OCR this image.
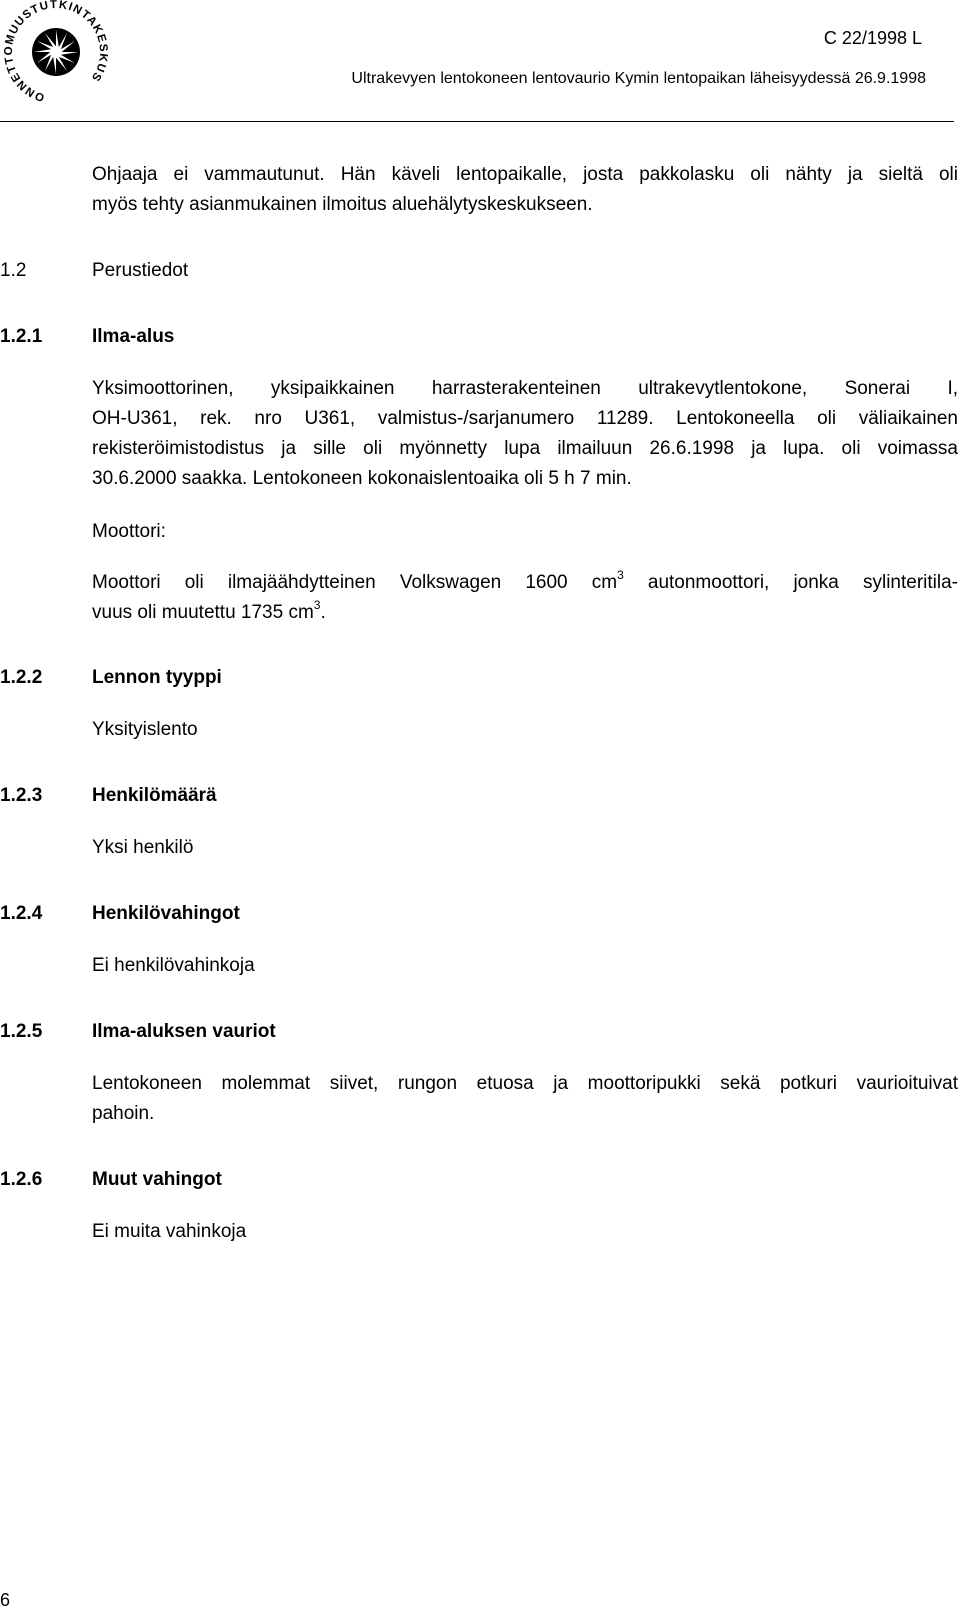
ONNETTOMUUSTUTKINTAKESKUS
C 22/1998 L
Ultrakevyen lentokoneen lentovaurio Kymin lentopaikan läheisyydessä 26.9.1998
Ohjaaja ei vammautunut. Hän käveli lentopaikalle, josta pakkolasku oli nähty ja sieltä oli
myös tehty asianmukainen ilmoitus aluehälytyskeskukseen.
1.2	Perustiedot
1.2.1	Ilma-alus
Yksimoottorinen, yksipaikkainen harrasterakenteinen ultrakevytlentokone, Sonerai I,
OH-U361, rek. nro U361, valmistus-/sarjanumero 11289. Lentokoneella oli väliaikainen
rekisteröimistodistus ja sille oli myönnetty lupa ilmailuun 26.6.1998 ja lupa. oli voimassa
30.6.2000 saakka. Lentokoneen kokonaislentoaika oli 5 h 7 min.
Moottori:
Moottori oli ilmajäähdytteinen Volkswagen 1600 $cm^3$ autonmoottori, jonka sylinteritila-
vuus oli muutettu 1735 $cm^3$.
1.2.2	Lennon tyyppi
Yksityislento
1.2.3	Henkilömäärä
Yksi henkilö
1.2.4	Henkilövahingot
Ei henkilövahinkoja
1.2.5	Ilma-aluksen vauriot
Lentokoneen molemmat siivet, rungon etuosa ja moottoripukki sekä potkuri vaurioituivat
pahoin.
1.2.6	Muut vahingot
Ei muita vahinkoja
6
